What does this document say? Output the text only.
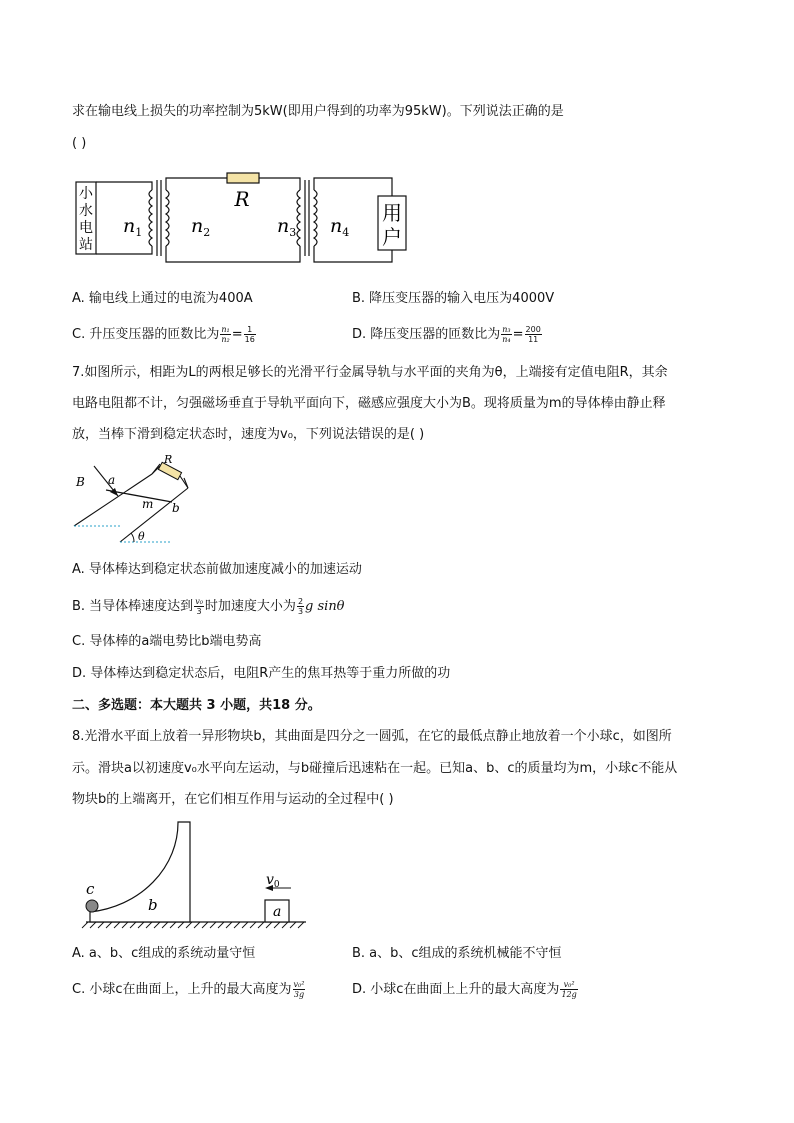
求在输电线上损失的功率控制为5kW(即用户得到的功率为95kW)。下列说法正确的是
( )
小
水
电
站
$n_1$
R
$n_2$	$n_3$ $n_4$
用
户
A. 输电线上通过的电流为400A	B. 降压变压器的输入电压为4000V
C. 升压变压器的匝数比为 $\frac{\text{n₁}}{\text{n₂}} = \frac{1}{16}$	D. 降压变压器的匝数比为 $\frac{\text{n₃}}{\text{n₄}} = \frac{200}{11}$
7.如图所示，相距为L的两根足够长的光滑平行金属导轨与水平面的夹角为θ，上端接有定值电阻R，其余
电路电阻都不计，匀强磁场垂直于导轨平面向下，磁感应强度大小为B。现将质量为m的导体棒由静止释
放，当棒下滑到稳定状态时，速度为v₀，下列说法错误的是( )
B a
R
m b
θ
A. 导体棒达到稳定状态前做加速度减小的加速运动
B. 当导体棒速度达到 $\frac{\text{v₀}}{3}$ 时加速度大小为 $\frac{2}{3}$ g sinθ
C. 导体棒的a端电势比b端电势高
D. 导体棒达到稳定状态后，电阻R产生的焦耳热等于重力所做的功
二、多选题：本大题共 3 小题，共18 分。
8.光滑水平面上放着一异形物块b，其曲面是四分之一圆弧，在它的最低点静止地放着一个小球c，如图所
示。滑块a以初速度v₀水平向左运动，与b碰撞后迅速粘在一起。已知a、b、c的质量均为m，小球c不能从
物块b的上端离开，在它们相互作用与运动的全过程中( )
c
b	a
$v_0$
A. a、b、c组成的系统动量守恒	B. a、b、c组成的系统机械能不守恒
C. 小球c在曲面上，上升的最大高度为 $\frac{\text{v₀²}}{3g}$	D. 小球c在曲面上上升的最大高度为 $\frac{\text{v₀²}}{12g}$
